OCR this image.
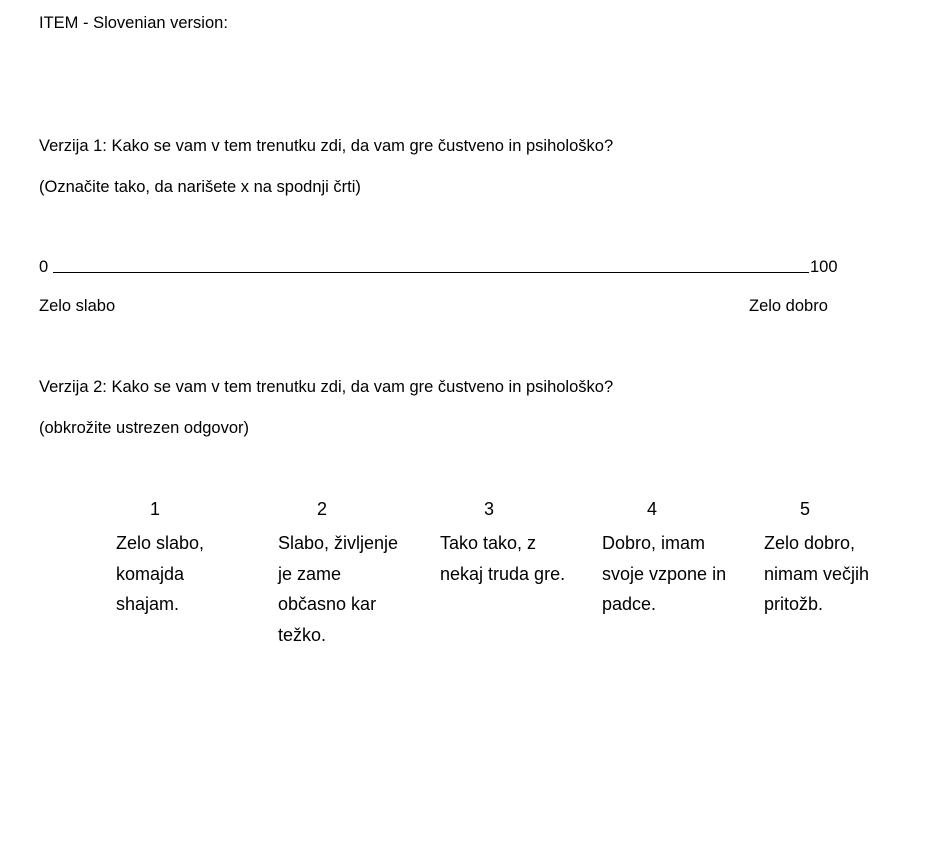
ITEM - Slovenian version:
Verzija 1: Kako se vam v tem trenutku zdi, da vam gre čustveno in psihološko?
(Označite tako, da narišete x na spodnji črti)
0	100
Zelo slabo	Zelo dobro
Verzija 2: Kako se vam v tem trenutku zdi, da vam gre čustveno in psihološko?
(obkrožite ustrezen odgovor)
1
Zelo slabo,
komajda
shajam.
2
Slabo, življenje
je zame
občasno kar
težko.
3
Tako tako, z
nekaj truda gre.
4
Dobro, imam
svoje vzpone in
padce.
5
Zelo dobro,
nimam večjih
pritožb.
